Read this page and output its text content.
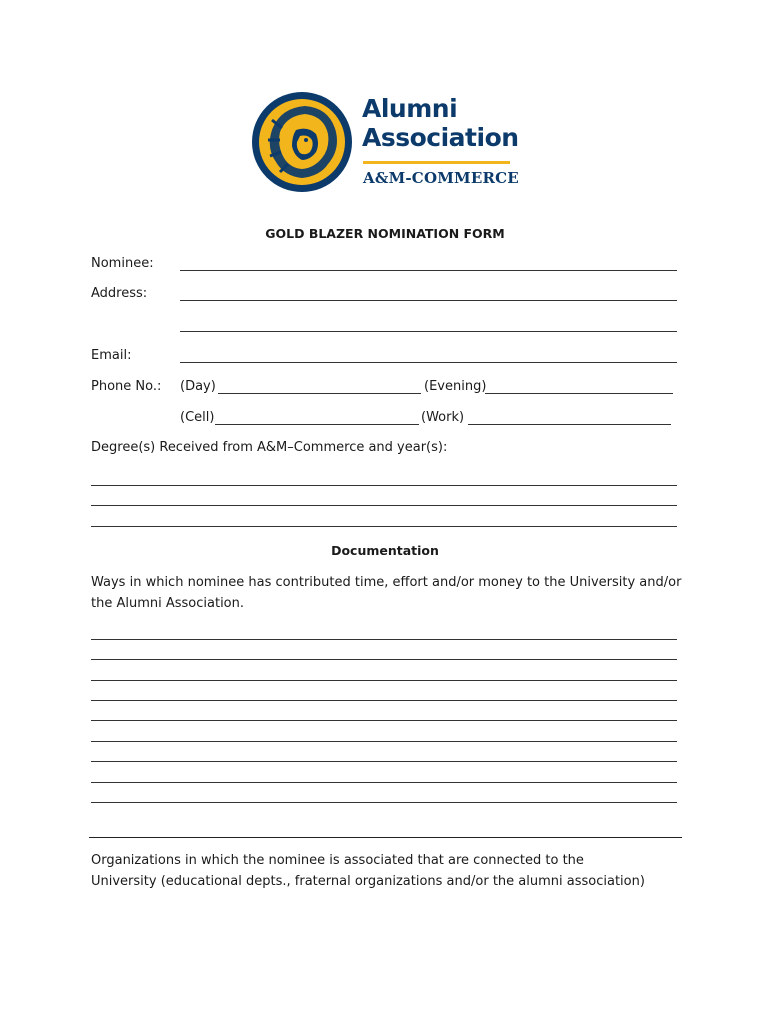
Alumni
Association
A&M-COMMERCE
GOLD BLAZER NOMINATION FORM
Nominee:
Address:
Email:
Phone No.: (Day)	(Evening)
(Cell)	(Work)
Degree(s) Received from A&M–Commerce and year(s):
Documentation
Ways in which nominee has contributed time, effort and/or money to the University and/or the Alumni Association.
Organizations in which the nominee is associated that are connected to the University (educational depts., fraternal organizations and/or the alumni association)
